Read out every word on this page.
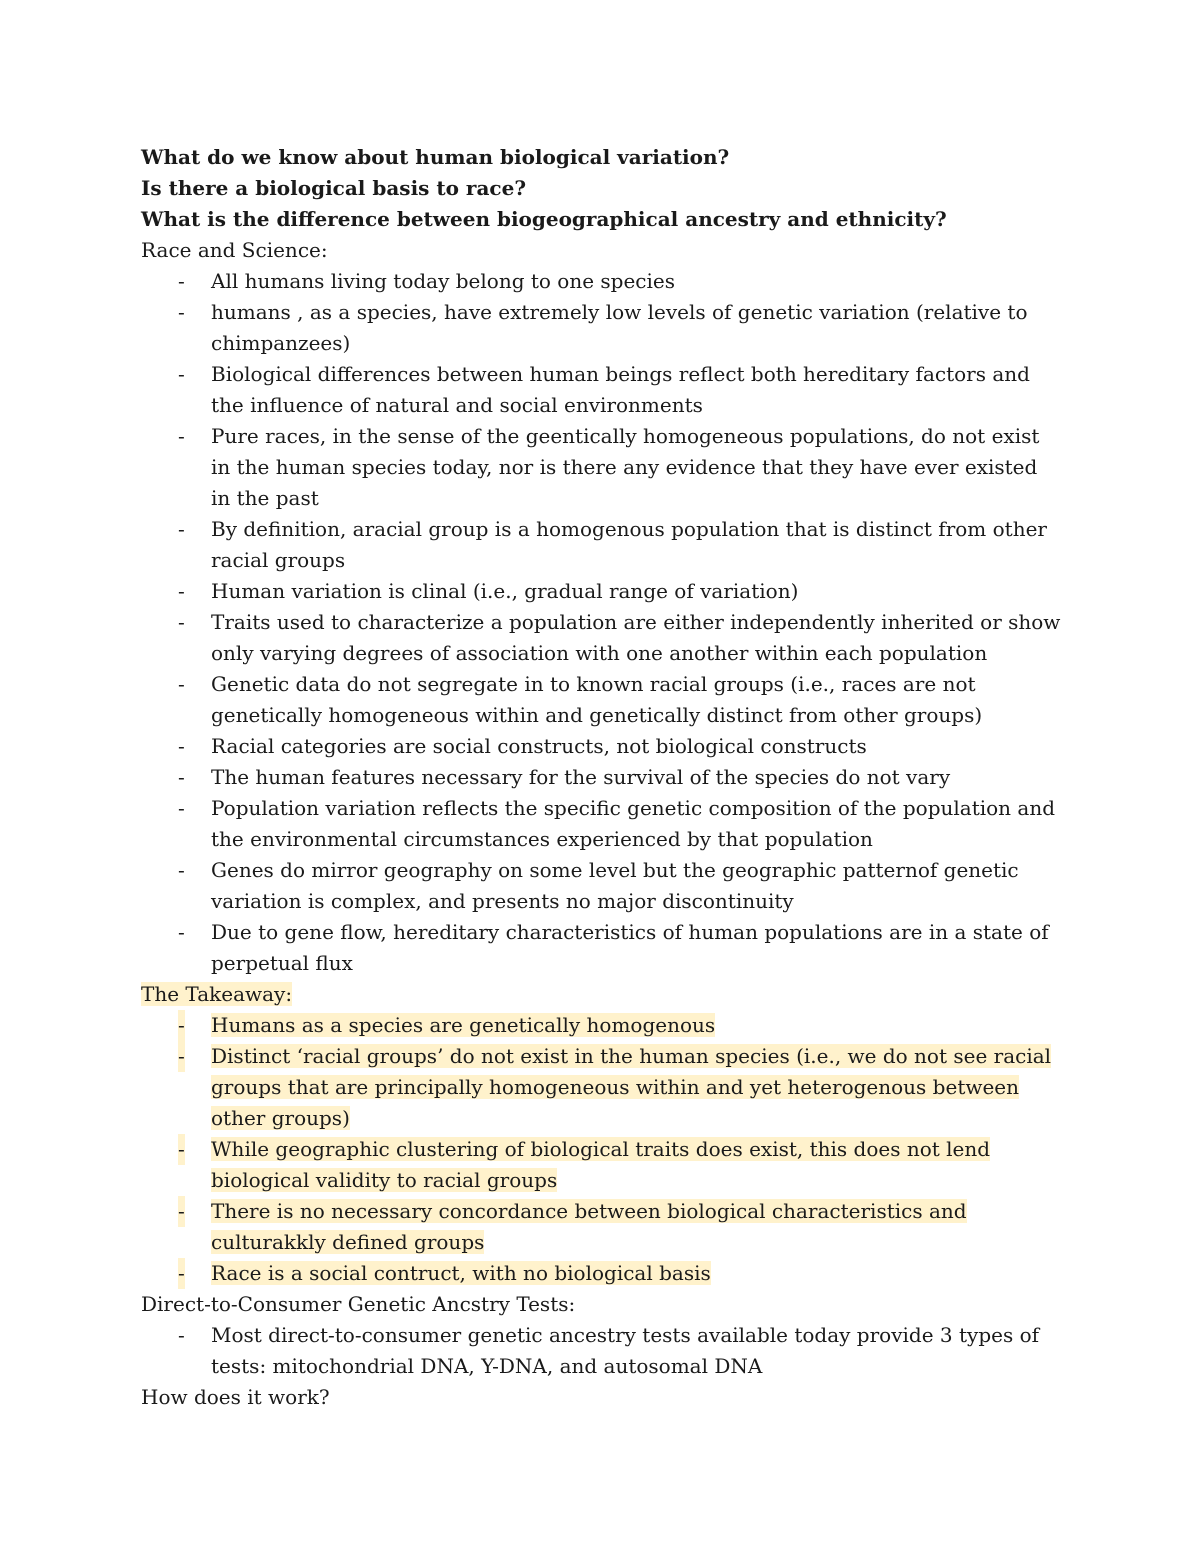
What do we know about human biological variation?

Is there a biological basis to race?

What is the difference between biogeographical ancestry and ethnicity?

Race and Science:

- All humans living today belong to one species
- humans , as a species, have extremely low levels of genetic variation (relative to chimpanzees)
- Biological differences between human beings reflect both hereditary factors and the influence of natural and social environments
- Pure races, in the sense of the geentically homogeneous populations, do not exist in the human species today, nor is there any evidence that they have ever existed in the past
- By definition, aracial group is a homogenous population that is distinct from other racial groups
- Human variation is clinal (i.e., gradual range of variation)
- Traits used to characterize a population are either independently inherited or show only varying degrees of association with one another within each population
- Genetic data do not segregate in to known racial groups (i.e., races are not genetically homogeneous within and genetically distinct from other groups)
- Racial categories are social constructs, not biological constructs
- The human features necessary for the survival of the species do not vary
- Population variation reflects the specific genetic composition of the population and the environmental circumstances experienced by that population
- Genes do mirror geography on some level but the geographic patternof genetic variation is complex, and presents no major discontinuity
- Due to gene flow, hereditary characteristics of human populations are in a state of perpetual flux

The Takeaway:

- Humans as a species are genetically homogenous
- Distinct ‘racial groups’ do not exist in the human species (i.e., we do not see racial groups that are principally homogeneous within and yet heterogenous between other groups)
- While geographic clustering of biological traits does exist, this does not lend biological validity to racial groups
- There is no necessary concordance between biological characteristics and culturakkly defined groups
- Race is a social contruct, with no biological basis

Direct-to-Consumer Genetic Ancstry Tests:

- Most direct-to-consumer genetic ancestry tests available today provide 3 types of tests: mitochondrial DNA, Y-DNA, and autosomal DNA

How does it work?
